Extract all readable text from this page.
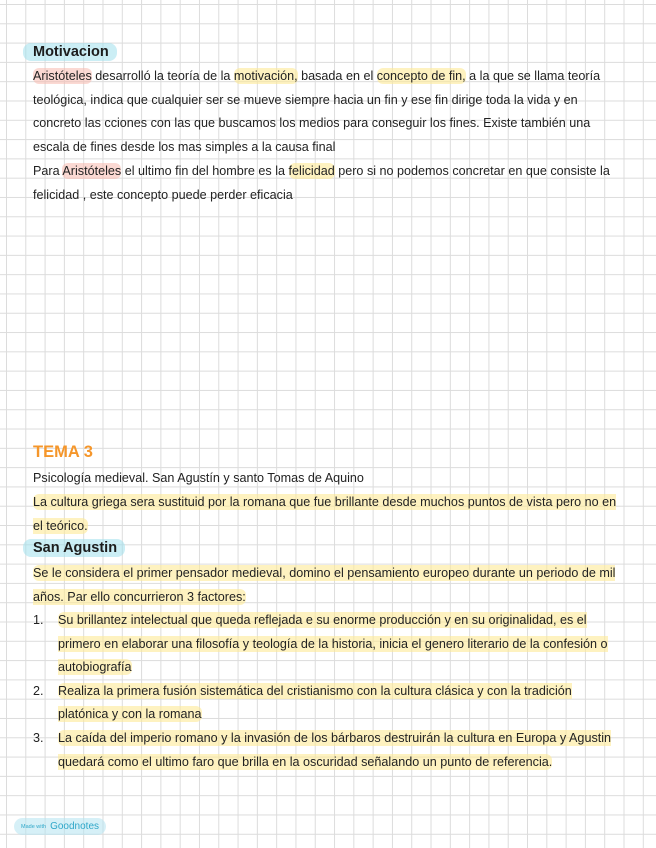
Motivacion
Aristóteles desarrolló la teoría de la motivación, basada en el concepto de fin, a la que se llama teoría teológica, indica que cualquier ser se mueve siempre hacia un fin y ese fin dirige toda la vida y en concreto las cciones con las que buscamos los medios para conseguir los fines. Existe también una escala de fines desde los mas simples a la causa final
Para Aristóteles el ultimo fin del hombre es la felicidad pero si no podemos concretar en que consiste la felicidad , este concepto puede perder eficacia
TEMA 3
Psicología medieval. San Agustín y santo Tomas de Aquino
La cultura griega sera sustituid por la romana que fue brillante desde muchos puntos de vista pero no en el teórico.
San Agustin
Se le considera el primer pensador medieval, domino el pensamiento europeo durante un periodo de mil años. Par ello concurrieron 3 factores:
1. Su brillantez intelectual que queda reflejada e su enorme producción y en su originalidad, es el primero en elaborar una filosofía y teología de la historia, inicia el genero literario de la confesión o autobiografía
2. Realiza la primera fusión sistemática del cristianismo con la cultura clásica y con la tradición platónica y con la romana
3. La caída del imperio romano y la invasión de los bárbaros destruirán la cultura en Europa y Agustin quedará como el ultimo faro que brilla en la oscuridad señalando un punto de referencia.
Made with Goodnotes
